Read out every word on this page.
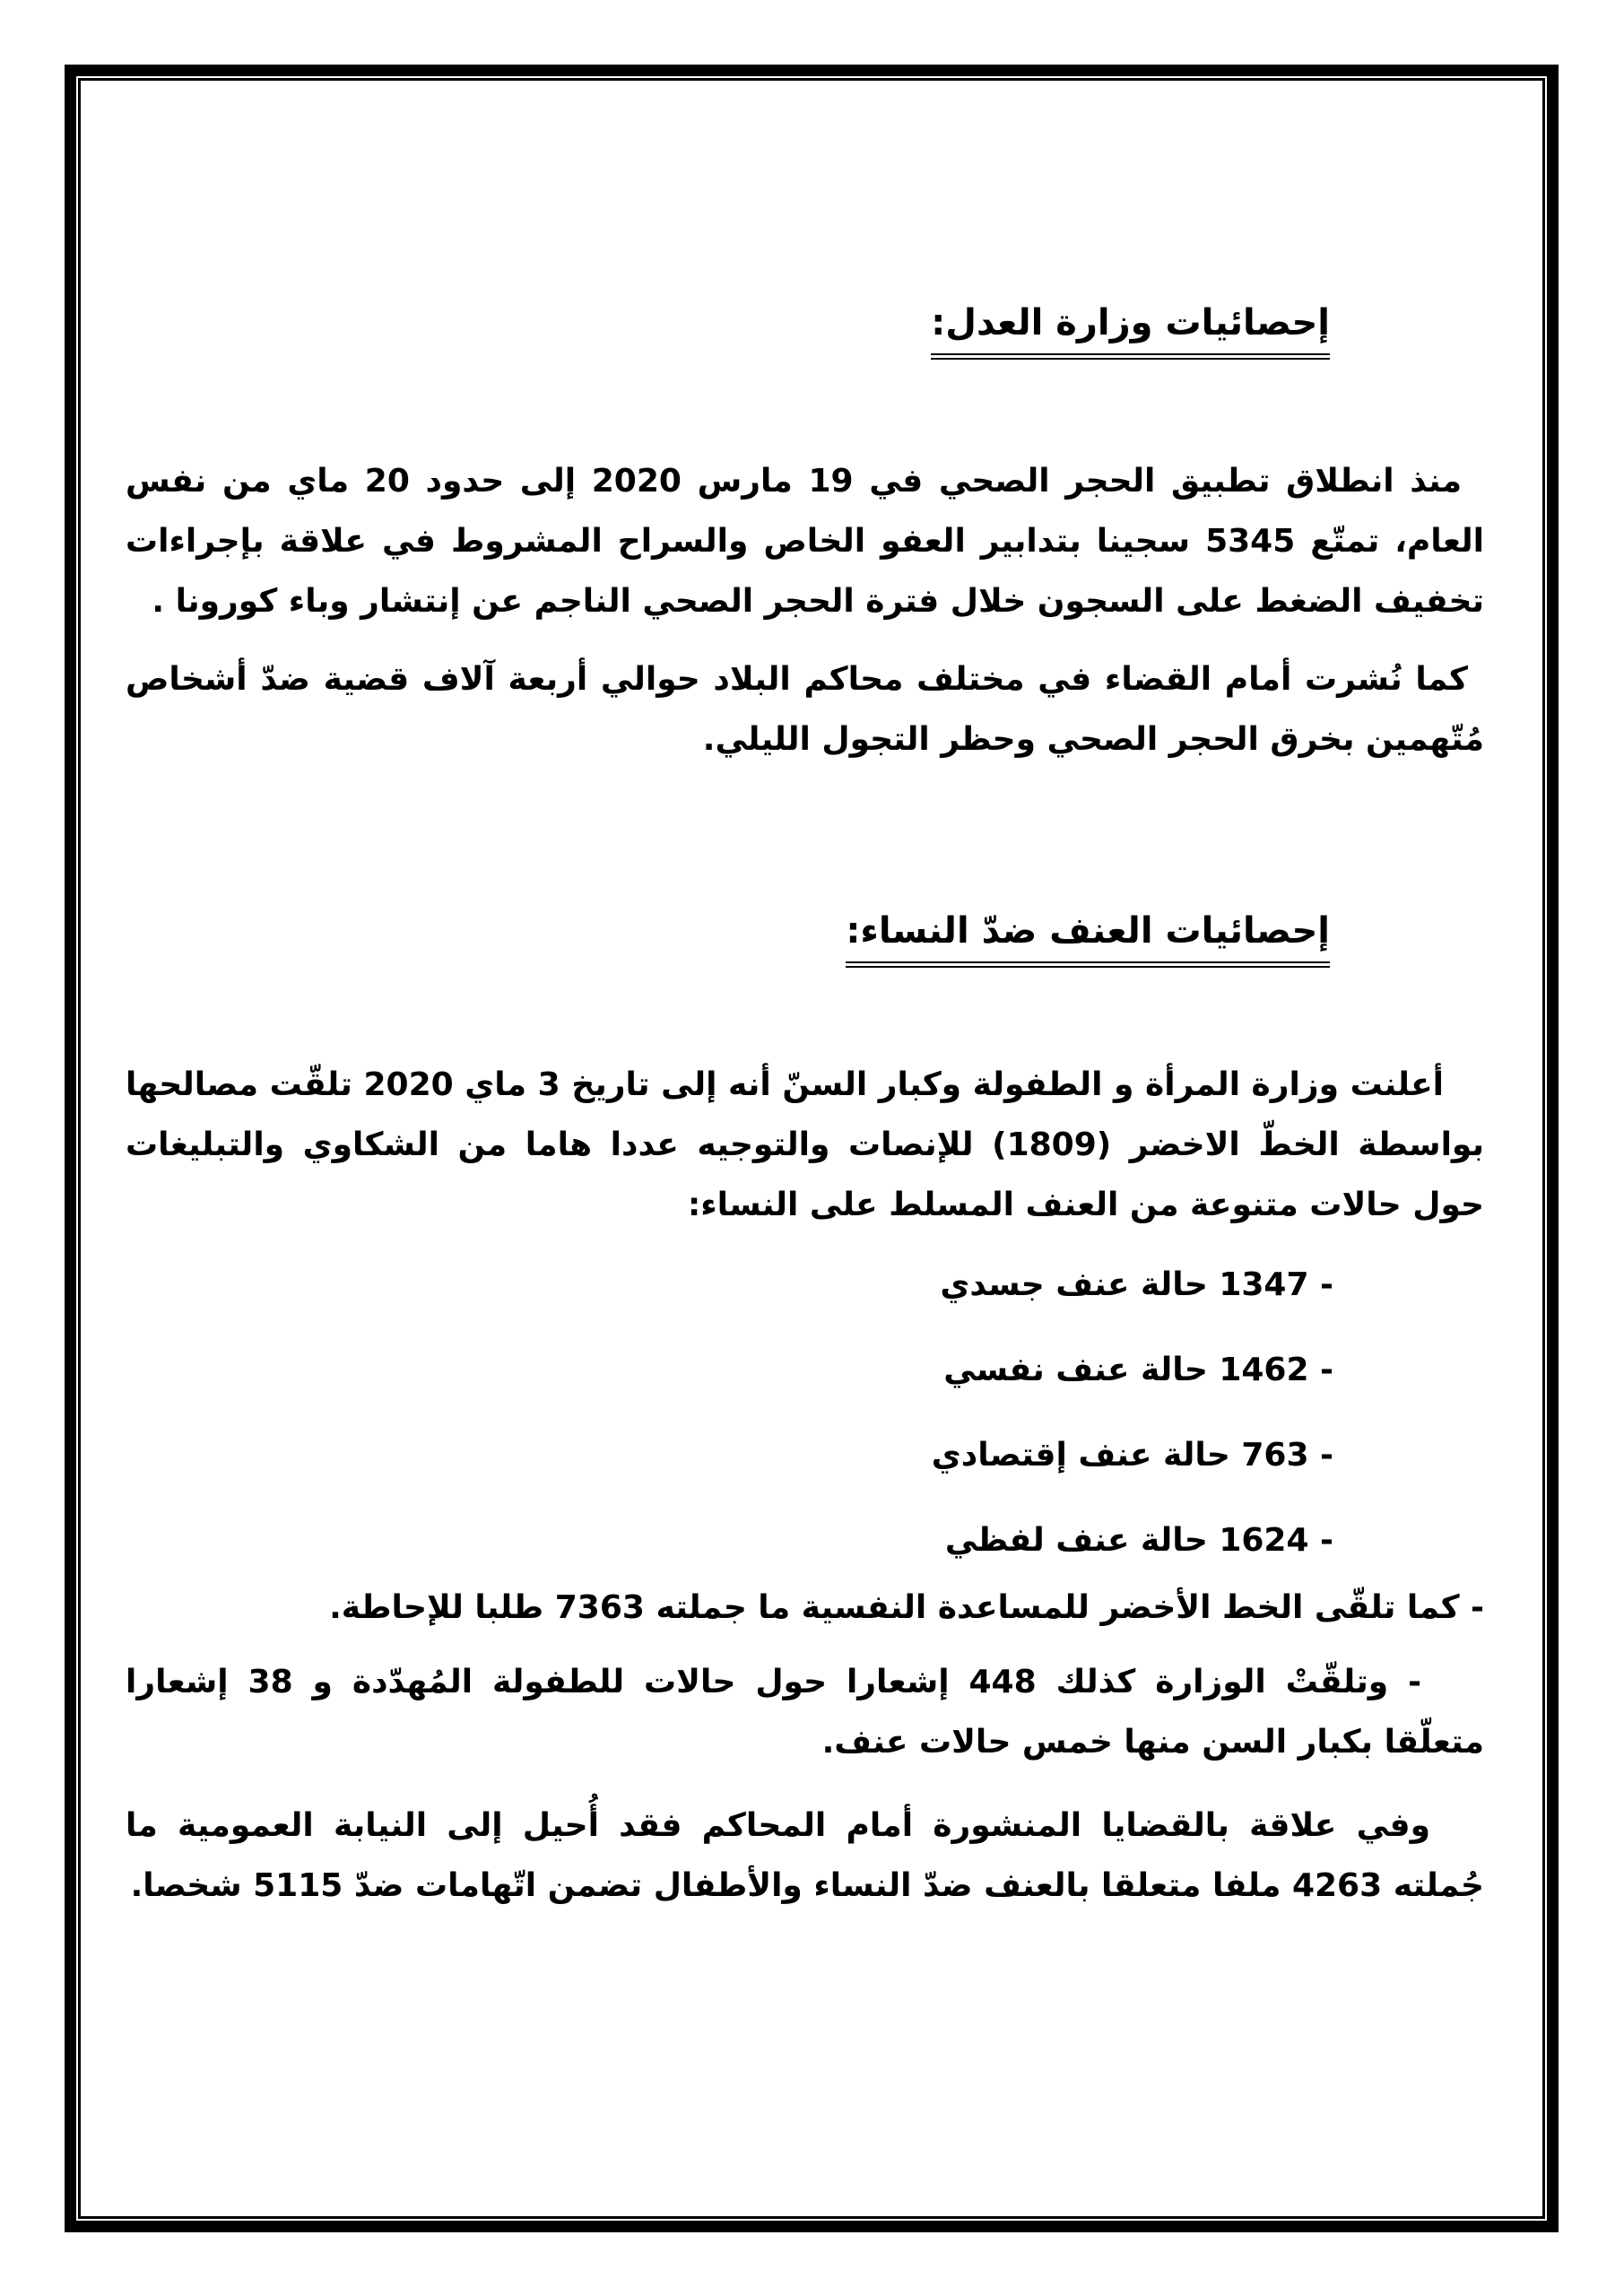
إحصائيات وزارة العدل:

منذ انطلاق تطبيق الحجر الصحي في 19 مارس 2020 إلى حدود 20 ماي من نفس العام، تمتّع 5345 سجينا بتدابير العفو الخاص والسراح المشروط في علاقة بإجراءات تخفيف الضغط على السجون خلال فترة الحجر الصحي الناجم عن إنتشار وباء كورونا .

كما نُشرت أمام القضاء في مختلف محاكم البلاد حوالي أربعة آلاف قضية ضدّ أشخاص مُتّهمين بخرق الحجر الصحي وحظر التجول الليلي.

إحصائيات العنف ضدّ النساء:

أعلنت وزارة المرأة و الطفولة وكبار السنّ أنه إلى تاريخ 3 ماي 2020 تلقّت مصالحها بواسطة الخطّ الاخضر (1809) للإنصات والتوجيه عددا هاما من الشكاوي والتبليغات حول حالات متنوعة من العنف المسلط على النساء:

- 1347 حالة عنف جسدي

- 1462 حالة عنف نفسي

- 763 حالة عنف إقتصادي

- 1624 حالة عنف لفظي

- كما تلقّى الخط الأخضر للمساعدة النفسية ما جملته 7363 طلبا للإحاطة.

- وتلقّتْ الوزارة كذلك 448 إشعارا حول حالات للطفولة المُهدّدة و 38 إشعارا متعلّقا بكبار السن منها خمس حالات عنف.

وفي علاقة بالقضايا المنشورة أمام المحاكم فقد أُحيل إلى النيابة العمومية ما جُملته 4263 ملفا متعلقا بالعنف ضدّ النساء والأطفال تضمن اتّهامات ضدّ 5115 شخصا.
